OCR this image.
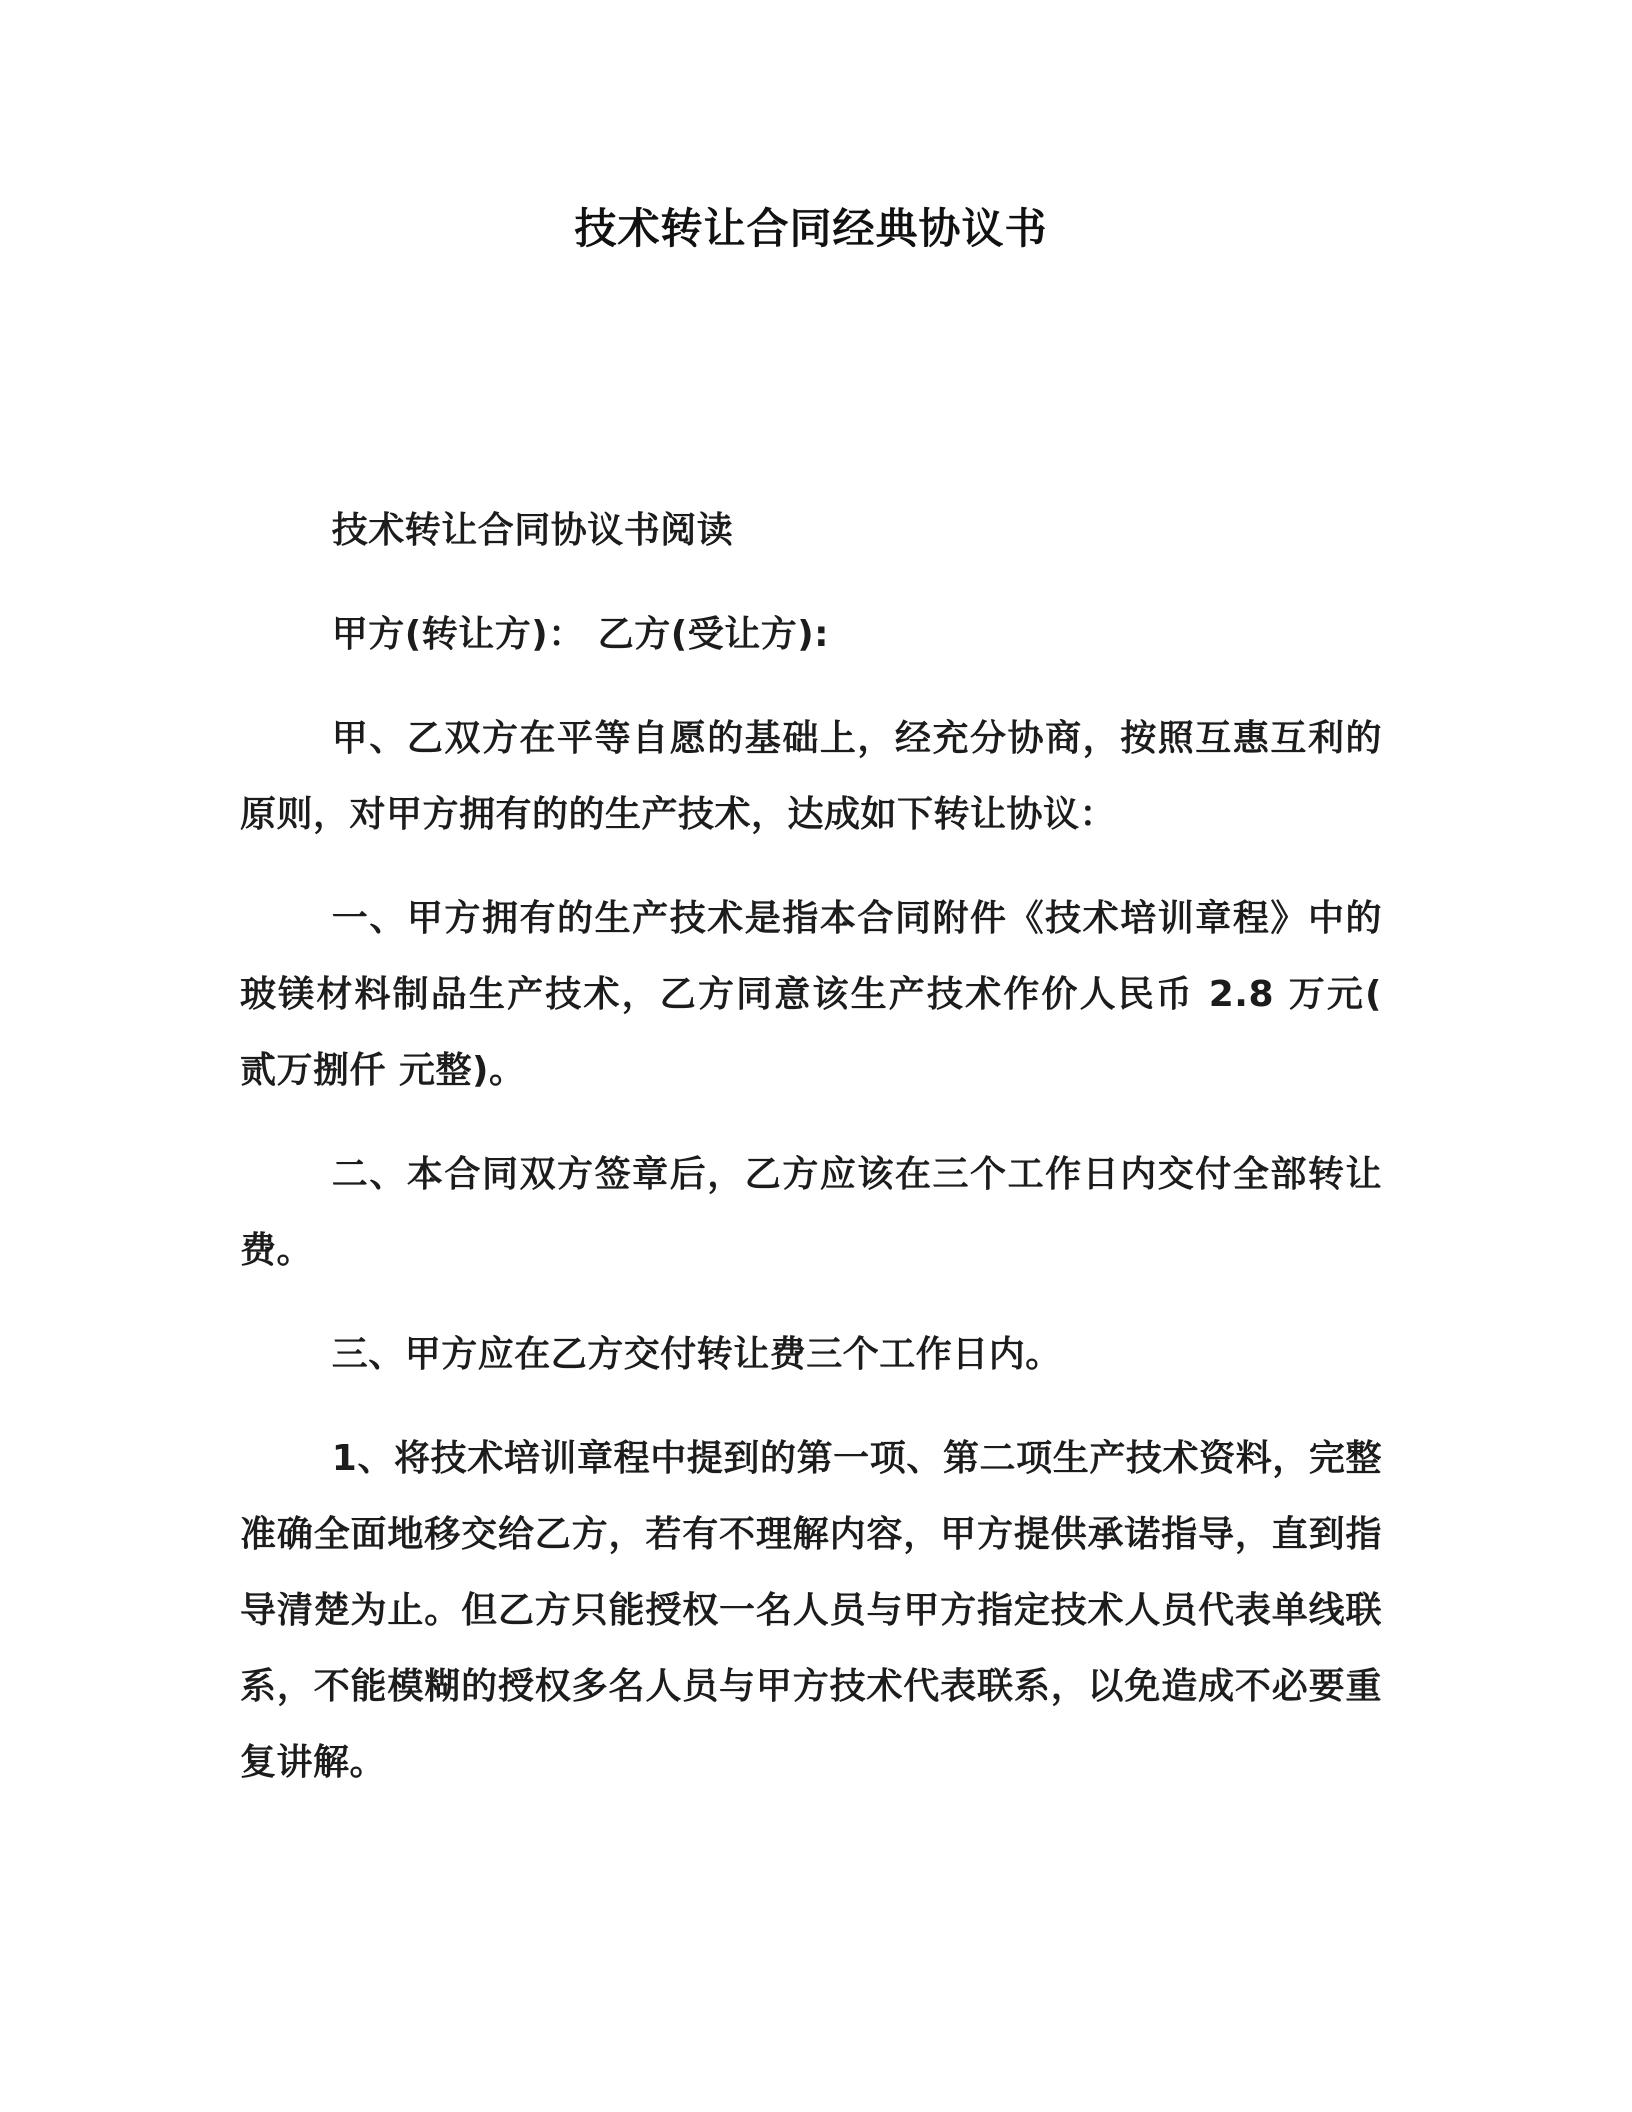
技术转让合同经典协议书

技术转让合同协议书阅读

甲方(转让方)： 乙方(受让方):

甲、乙双方在平等自愿的基础上，经充分协商，按照互惠互利的原则，对甲方拥有的的生产技术，达成如下转让协议：

一、甲方拥有的生产技术是指本合同附件《技术培训章程》中的玻镁材料制品生产技术，乙方同意该生产技术作价人民币 2.8 万元( 贰万捌仟 元整)。

二、本合同双方签章后，乙方应该在三个工作日内交付全部转让费。

三、甲方应在乙方交付转让费三个工作日内。

1、将技术培训章程中提到的第一项、第二项生产技术资料，完整准确全面地移交给乙方，若有不理解内容，甲方提供承诺指导，直到指导清楚为止。但乙方只能授权一名人员与甲方指定技术人员代表单线联系，不能模糊的授权多名人员与甲方技术代表联系，以免造成不必要重复讲解。
